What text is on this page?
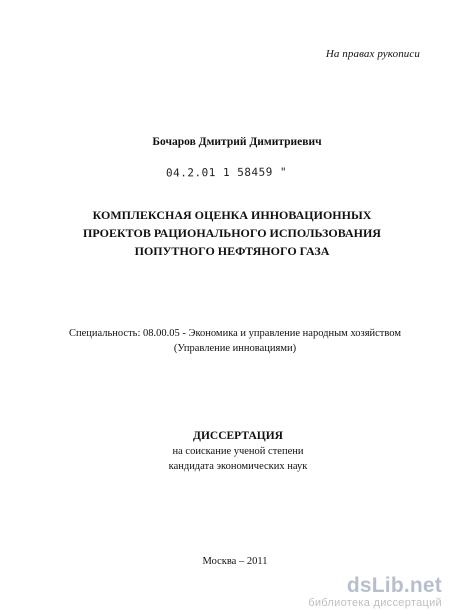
На правах рукописи
Бочаров Дмитрий Димитриевич
04.2.01 1 58459 "
КОМПЛЕКСНАЯ ОЦЕНКА ИННОВАЦИОННЫХ
ПРОЕКТОВ РАЦИОНАЛЬНОГО ИСПОЛЬЗОВАНИЯ
ПОПУТНОГО НЕФТЯНОГО ГАЗА
Специальность: 08.00.05 - Экономика и управление народным хозяйством
(Управление инновациями)
ДИССЕРТАЦИЯ
на соискание ученой степени
кандидата экономических наук
Москва – 2011
dsLib.net
библиотека диссертаций
